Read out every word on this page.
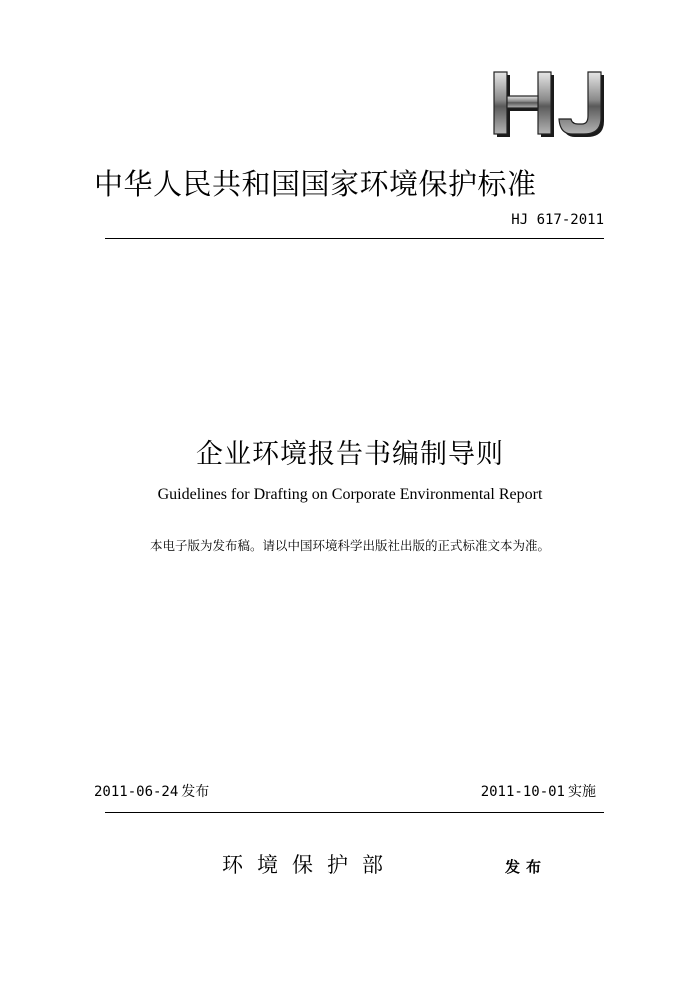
中华人民共和国国家环境保护标准
HJ 617-2011
企业环境报告书编制导则
Guidelines for Drafting on Corporate Environmental Report
本电子版为发布稿。请以中国环境科学出版社出版的正式标准文本为准。
2011-06-24 发布	2011-10-01 实施
环境保护部	发布
